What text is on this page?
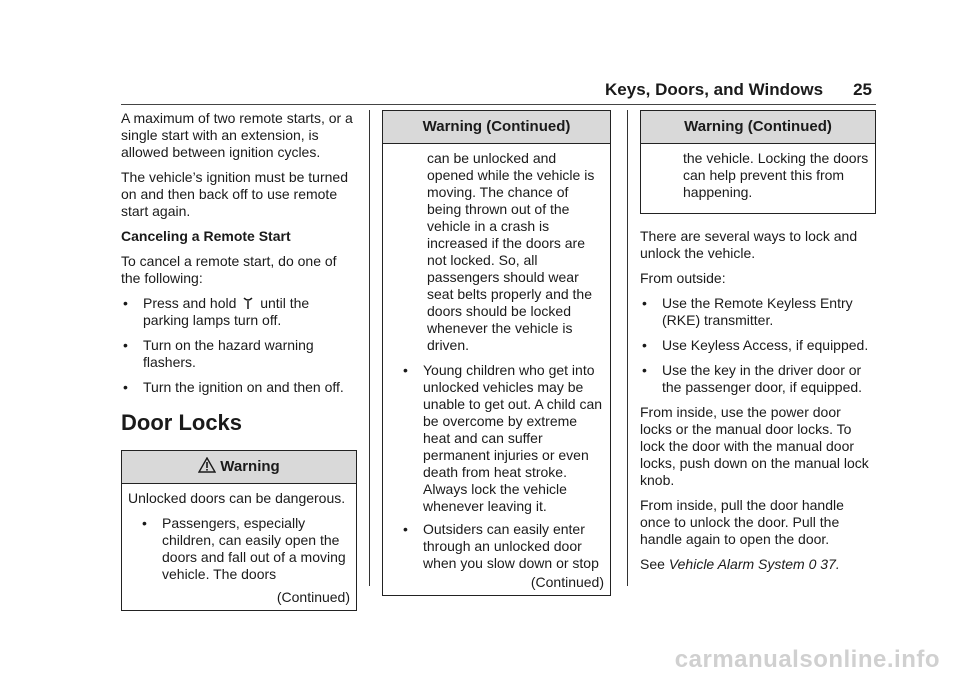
Keys, Doors, and Windows 25

A maximum of two remote starts, or a single start with an extension, is allowed between ignition cycles.

The vehicle’s ignition must be turned on and then back off to use remote start again.

Canceling a Remote Start

To cancel a remote start, do one of the following:

• Press and hold until the parking lamps turn off.
• Turn on the hazard warning flashers.
• Turn the ignition on and then off.
Door Locks
Warning

Unlocked doors can be dangerous.

• Passengers, especially children, can easily open the doors and fall out of a moving vehicle. The doors
(Continued)
Warning (Continued)

can be unlocked and opened while the vehicle is moving. The chance of being thrown out of the vehicle in a crash is increased if the doors are not locked. So, all passengers should wear seat belts properly and the doors should be locked whenever the vehicle is driven.

• Young children who get into unlocked vehicles may be unable to get out. A child can be overcome by extreme heat and can suffer permanent injuries or even death from heat stroke. Always lock the vehicle whenever leaving it.
• Outsiders can easily enter through an unlocked door when you slow down or stop
(Continued)
Warning (Continued)

the vehicle. Locking the doors can help prevent this from happening.

There are several ways to lock and unlock the vehicle.

From outside:

• Use the Remote Keyless Entry (RKE) transmitter.
• Use Keyless Access, if equipped.
• Use the key in the driver door or the passenger door, if equipped.

From inside, use the power door locks or the manual door locks. To lock the door with the manual door locks, push down on the manual lock knob.

From inside, pull the door handle once to unlock the door. Pull the handle again to open the door.

See Vehicle Alarm System 0 37.

carmanualsonline.info
